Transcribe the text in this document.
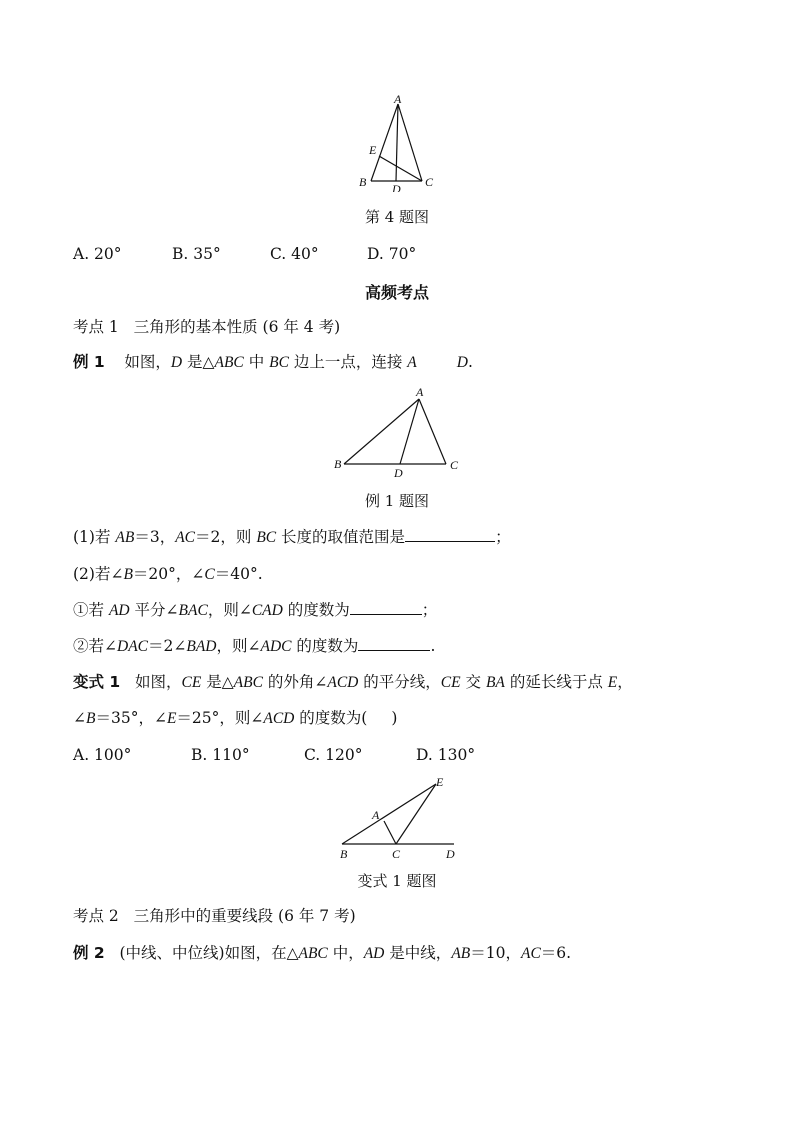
A
E
B D C
第 4 题图
A. 20°	B. 35°	C. 40°	D. 70°
高频考点
考点 1 三角形的基本性质 (6 年 4 考)
例 1 如图，D 是△ABC 中 BC 边上一点，连接 A	D.
A
B
D
C
例 1 题图
(1)若 AB＝3，AC＝2，则 BC 长度的取值范围是	；
(2)若∠B＝20°，∠C＝40°.
①若 AD 平分∠BAC，则∠CAD 的度数为	；
②若∠DAC＝2∠BAD，则∠ADC 的度数为	.
变式 1 如图，CE 是△ABC 的外角∠ACD 的平分线，CE 交 BA 的延长线于点 E，
∠B＝35°，∠E＝25°，则∠ACD 的度数为( )
A. 100°	B. 110°	C. 120°	D. 130°
E
A
B	C	D
变式 1 题图
考点 2 三角形中的重要线段 (6 年 7 考)
例 2 (中线、中位线)如图，在△ABC 中，AD 是中线，AB＝10，AC＝6.
